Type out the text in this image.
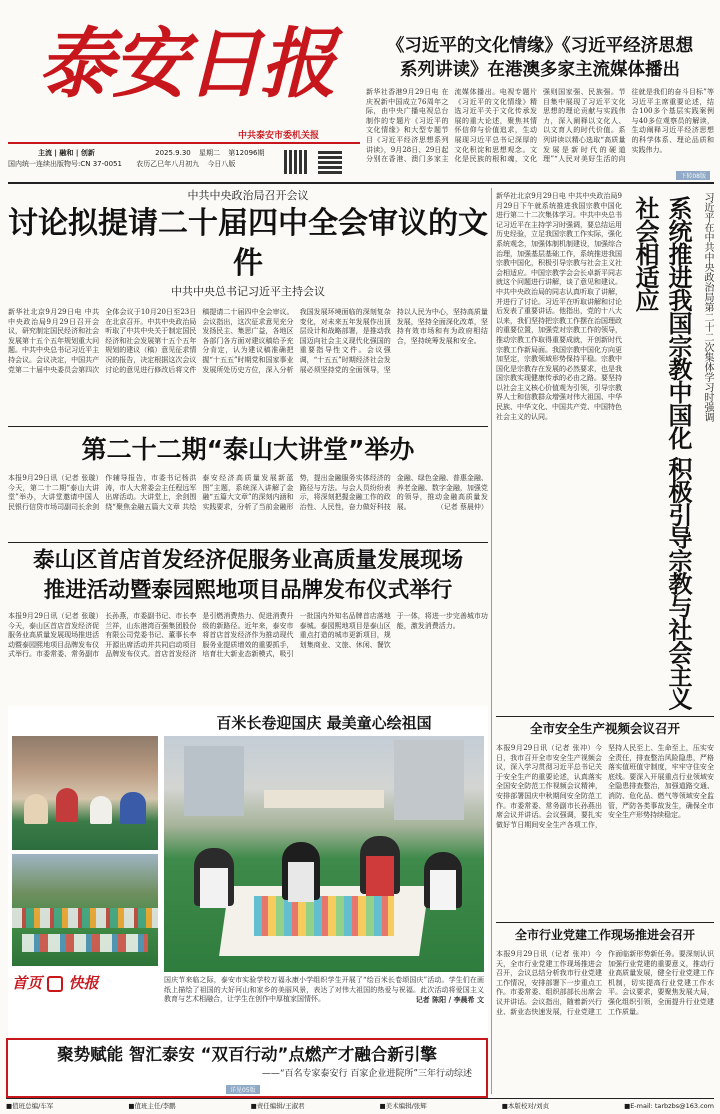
泰安日报
中共泰安市委机关报
主流 | 融和 | 创新	2025.9.30 星期二 第12096期
国内统一连续出版物号:CN 37-0051 农历乙巳年八月初九 今日八版
《习近平的文化情缘》《习近平经济思想
系列讲读》在港澳多家主流媒体播出
新华社香港9月29日电 在庆祝新中国成立76周年之际，由中央广播电视总台制作的专题片《习近平的文化情缘》和大型专题节目《习近平经济思想系列讲读》，9月28日、29日起分别在香港、澳门多家主流媒体播出。电视专题片《习近平的文化情缘》精选习近平关于文化传承发展的重大论述，聚焦其情怀信仰与价值追求，生动展现习近平总书记深厚的文化积淀和思想观念。文化是民族的根和魂，文化强则国家强、民族强。节目集中展现了习近平文化思想的理论贡献与实践伟力，深入阐释以文化人、以文育人的时代价值。系列讲读以精心选取“高质量发展是新时代的硬道理”“人民对美好生活的向往就是我们的奋斗目标”等习近平主席重要论述，结合100多个基层实践案例与40多位观察员的解读，生动阐释习近平经济思想的科学体系、理论品质和实践伟力。
下转08版
中共中央政治局召开会议
讨论拟提请二十届四中全会审议的文件
中共中央总书记习近平主持会议
新华社北京9月29日电 中共中央政治局9月29日召开会议，研究制定国民经济和社会发展第十五个五年规划重大问题。中共中央总书记习近平主持会议。会议决定，中国共产党第二十届中央委员会第四次全体会议于10月20日至23日在北京召开。中共中央政治局听取了中共中央关于制定国民经济和社会发展第十五个五年规划的建议（稿）意见征求情况的报告，决定根据这次会议讨论的意见进行修改后将文件稿提请二十届四中全会审议。会议指出，这次征求意见充分发扬民主、集思广益，各地区各部门各方面对建议稿给予充分肯定，认为建议稿准确把握“十五五”时期党和国家事业发展所处历史方位，深入分析我国发展环境面临的深刻复杂变化，对未来五年发展作出顶层设计和战略部署，是推动我国迈向社会主义现代化强国的重要指导性文件。会议强调，“十五五”时期经济社会发展必须坚持党的全面领导，坚持以人民为中心，坚持高质量发展，坚持全面深化改革，坚持有效市场和有为政府相结合，坚持统筹发展和安全。
第二十二期“泰山大讲堂”举办
本报9月29日讯（记者 张璇）今天，第二十二期“泰山大讲堂”举办，大讲堂邀请中国人民银行信贷市场司副司长余剑作辅导报告，市委书记杨洪涛，市人大常委会主任程远军出席活动。大讲堂上，余剑围绕“聚焦金融五篇大文章 共绘泰安经济高质量发展新蓝图”主题，系统深入讲解了金融“五篇大文章”的深刻内涵和实践要求，分析了当前金融形势，提出金融服务实体经济的路径与方法。与会人员纷纷表示，将深刻把握金融工作的政治性、人民性，奋力做好科技金融、绿色金融、普惠金融、养老金融、数字金融，加强党的领导，推动金融高质量发展。	（记者 蔡晨仲）
泰山区首店首发经济促服务业高质量发展现场
推进活动暨泰园熙地项目品牌发布仪式举行
本报9月29日讯（记者 张璇）今天，泰山区首店首发经济促服务业高质量发展现场推进活动暨泰园熙地项目品牌发布仪式举行。市委常委、常务副市长孙燕，市委副书记、市长李兰祥，山东港湾百强集团股份有限公司党委书记、董事长李开源出席活动并共同启动项目品牌发布仪式。首店首发经济是引燃消费热力、促进消费升级的新路径。近年来，泰安市将首店首发经济作为推动现代服务业提质增效的重要抓手，培育壮大新业态新模式，吸引一批国内外知名品牌首店落地泰城。泰园熙地项目是泰山区重点打造的城市更新项目，规划集商业、文旅、休闲、餐饮于一体，将进一步完善城市功能，激发消费活力。
首页 快报
百米长卷迎国庆 最美童心绘祖国
国庆节来临之际，泰安市实验学校万福永康小学组织学生开展了“绘百米长卷颂国庆”活动。学生们在画纸上描绘了祖国的大好河山和家乡的美丽风景，表达了对伟大祖国的热爱与祝福。此次活动将爱国主义教育与艺术相融合，让学生在创作中厚植家国情怀。	记者 陈阳 / 李晨希 文
聚势赋能 智汇泰安 “双百行动”点燃产才融合新引擎
——“百名专家泰安行 百家企业进院所”三年行动综述
详见05版
新华社北京9月29日电 中共中央政治局9月29日下午就系统推进我国宗教中国化进行第二十二次集体学习。中共中央总书记习近平在主持学习时强调，要总结运用历史经验，立足我国宗教工作实际，强化系统观念，加强体制机制建设，加强综合治理，加强基层基础工作，系统推进我国宗教中国化，积极引导宗教与社会主义社会相适应。中国宗教学会会长卓新平同志就这个问题进行讲解，谈了意见和建议。中共中央政治局的同志认真听取了讲解，并进行了讨论。习近平在听取讲解和讨论后发表了重要讲话。他指出，党的十八大以来，我们坚持把宗教工作摆在治国理政的重要位置，加强党对宗教工作的领导，推动宗教工作取得重要成就，开创新时代宗教工作新局面。我国宗教中国化方向更加坚定，宗教领域形势保持平稳。宗教中国化是宗教存在发展的必然要求，也是我国宗教实现健康传承的必由之路。要坚持以社会主义核心价值观为引领，引导宗教界人士和信教群众增强对伟大祖国、中华民族、中华文化、中国共产党、中国特色社会主义的认同。	系统推进我国宗教中国化 积极引导宗教与社会主义社会相适应	习近平在中共中央政治局第二十二次集体学习时强调
全市安全生产视频会议召开
本报9月29日讯（记者 张冲）今日，我市召开全市安全生产视频会议，深入学习贯彻习近平总书记关于安全生产的重要论述，认真落实全国安全防范工作视频会议精神，安排部署国庆中秋期间安全防范工作。市委常委、常务副市长孙燕出席会议并讲话。会议强调，要扎实做好节日期间安全生产各项工作，坚持人民至上、生命至上，压实安全责任，排查整治风险隐患，严格落实值班值守制度，牢牢守住安全底线。要深入开展重点行业领域安全隐患排查整治，加强道路交通、消防、危化品、燃气等领域安全监管，严防各类事故发生，确保全市安全生产形势持续稳定。
全市行业党建工作现场推进会召开
本报9月29日讯（记者 张冲）今天，全市行业党建工作现场推进会召开，会议总结分析我市行业党建工作情况，安排部署下一步重点工作。市委常委、组织部部长出席会议并讲话。会议指出，随着新兴行业、新业态快速发展，行业党建工作面临新形势新任务。要深刻认识加强行业党建的重要意义，推动行业高质量发展，健全行业党建工作机制，切实提高行业党建工作水平。会议要求，要聚焦发展大局，强化组织引领，全面提升行业党建工作质量。
■值班总编/车军	■值班主任/李鹏	■责任编辑/王淑君	■美术编辑/张辉	■本版校对/刘贞	■E-mail: tarbzbs@163.com
